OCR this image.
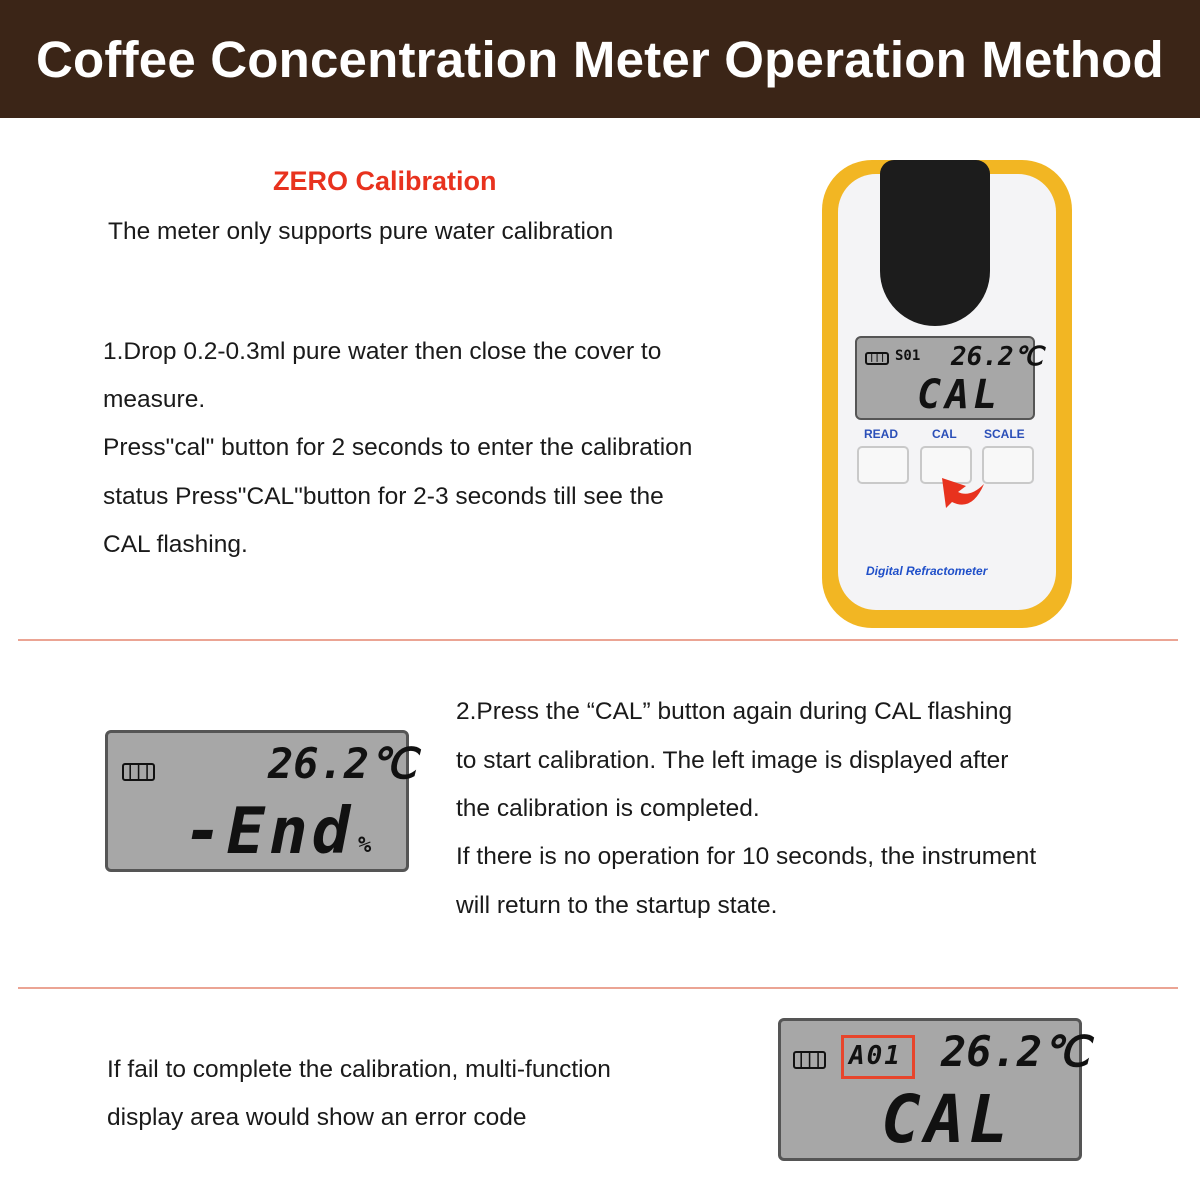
Coffee Concentration Meter Operation Method
ZERO Calibration
The meter only supports pure water calibration
1.Drop 0.2-0.3ml pure water then close the cover to
measure.
Press"cal" button for 2 seconds to enter the calibration
status Press"CAL"button for 2-3 seconds till see the
CAL flashing.
||| S01 26.2℃
CAL
READ	CAL SCALE
Digital Refractometer
|||	26.2℃
-End %
2.Press the “CAL” button again during CAL flashing
to start calibration. The left image is displayed after
the calibration is completed.
If there is no operation for 10 seconds, the instrument
will return to the startup state.
If fail to complete the calibration, multi-function
display area would show an error code
||| A01 26.2℃
CAL
